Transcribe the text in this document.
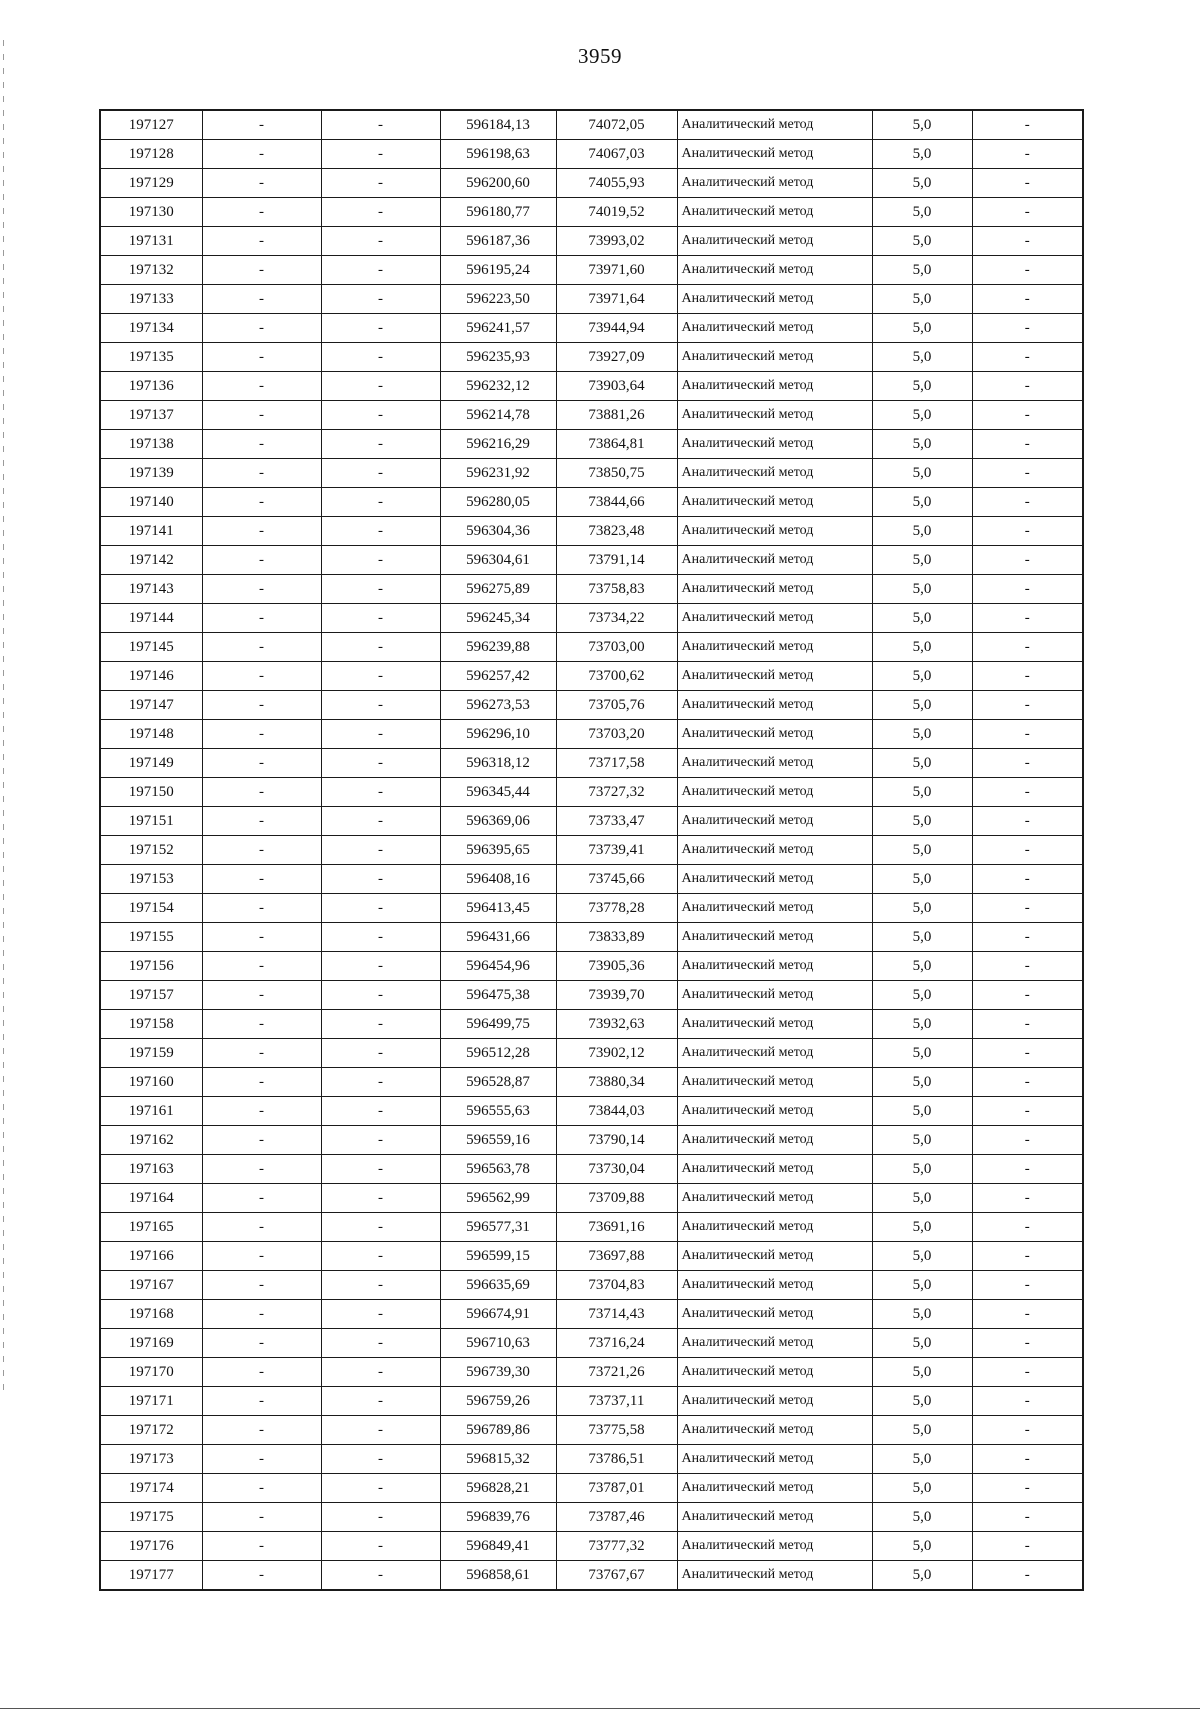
3959
197127	-	-	596184,13	74072,05	Аналитический метод	5,0	-
197128	-	-	596198,63	74067,03	Аналитический метод	5,0	-
197129	-	-	596200,60	74055,93	Аналитический метод	5,0	-
197130	-	-	596180,77	74019,52	Аналитический метод	5,0	-
197131	-	-	596187,36	73993,02	Аналитический метод	5,0	-
197132	-	-	596195,24	73971,60	Аналитический метод	5,0	-
197133	-	-	596223,50	73971,64	Аналитический метод	5,0	-
197134	-	-	596241,57	73944,94	Аналитический метод	5,0	-
197135	-	-	596235,93	73927,09	Аналитический метод	5,0	-
197136	-	-	596232,12	73903,64	Аналитический метод	5,0	-
197137	-	-	596214,78	73881,26	Аналитический метод	5,0	-
197138	-	-	596216,29	73864,81	Аналитический метод	5,0	-
197139	-	-	596231,92	73850,75	Аналитический метод	5,0	-
197140	-	-	596280,05	73844,66	Аналитический метод	5,0	-
197141	-	-	596304,36	73823,48	Аналитический метод	5,0	-
197142	-	-	596304,61	73791,14	Аналитический метод	5,0	-
197143	-	-	596275,89	73758,83	Аналитический метод	5,0	-
197144	-	-	596245,34	73734,22	Аналитический метод	5,0	-
197145	-	-	596239,88	73703,00	Аналитический метод	5,0	-
197146	-	-	596257,42	73700,62	Аналитический метод	5,0	-
197147	-	-	596273,53	73705,76	Аналитический метод	5,0	-
197148	-	-	596296,10	73703,20	Аналитический метод	5,0	-
197149	-	-	596318,12	73717,58	Аналитический метод	5,0	-
197150	-	-	596345,44	73727,32	Аналитический метод	5,0	-
197151	-	-	596369,06	73733,47	Аналитический метод	5,0	-
197152	-	-	596395,65	73739,41	Аналитический метод	5,0	-
197153	-	-	596408,16	73745,66	Аналитический метод	5,0	-
197154	-	-	596413,45	73778,28	Аналитический метод	5,0	-
197155	-	-	596431,66	73833,89	Аналитический метод	5,0	-
197156	-	-	596454,96	73905,36	Аналитический метод	5,0	-
197157	-	-	596475,38	73939,70	Аналитический метод	5,0	-
197158	-	-	596499,75	73932,63	Аналитический метод	5,0	-
197159	-	-	596512,28	73902,12	Аналитический метод	5,0	-
197160	-	-	596528,87	73880,34	Аналитический метод	5,0	-
197161	-	-	596555,63	73844,03	Аналитический метод	5,0	-
197162	-	-	596559,16	73790,14	Аналитический метод	5,0	-
197163	-	-	596563,78	73730,04	Аналитический метод	5,0	-
197164	-	-	596562,99	73709,88	Аналитический метод	5,0	-
197165	-	-	596577,31	73691,16	Аналитический метод	5,0	-
197166	-	-	596599,15	73697,88	Аналитический метод	5,0	-
197167	-	-	596635,69	73704,83	Аналитический метод	5,0	-
197168	-	-	596674,91	73714,43	Аналитический метод	5,0	-
197169	-	-	596710,63	73716,24	Аналитический метод	5,0	-
197170	-	-	596739,30	73721,26	Аналитический метод	5,0	-
197171	-	-	596759,26	73737,11	Аналитический метод	5,0	-
197172	-	-	596789,86	73775,58	Аналитический метод	5,0	-
197173	-	-	596815,32	73786,51	Аналитический метод	5,0	-
197174	-	-	596828,21	73787,01	Аналитический метод	5,0	-
197175	-	-	596839,76	73787,46	Аналитический метод	5,0	-
197176	-	-	596849,41	73777,32	Аналитический метод	5,0	-
197177	-	-	596858,61	73767,67	Аналитический метод	5,0	-
